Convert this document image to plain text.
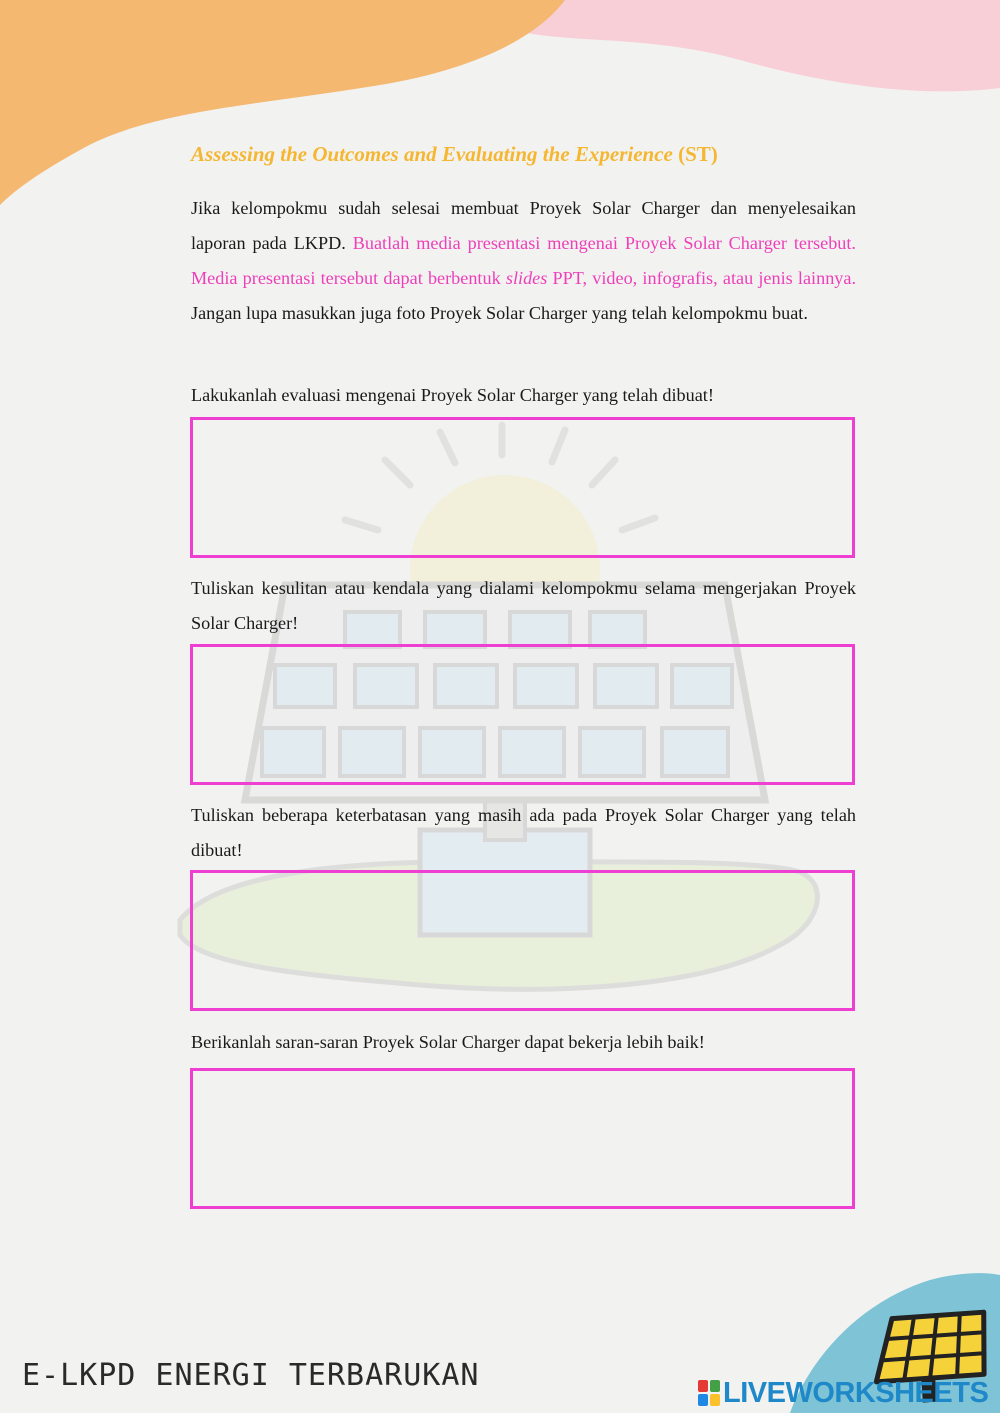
Assessing the Outcomes and Evaluating the Experience (ST)

Jika kelompokmu sudah selesai membuat Proyek Solar Charger dan menyelesaikan laporan pada LKPD. Buatlah media presentasi mengenai Proyek Solar Charger tersebut. Media presentasi tersebut dapat berbentuk slides PPT, video, infografis, atau jenis lainnya. Jangan lupa masukkan juga foto Proyek Solar Charger yang telah kelompokmu buat.

Lakukanlah evaluasi mengenai Proyek Solar Charger yang telah dibuat!

Tuliskan kesulitan atau kendala yang dialami kelompokmu selama mengerjakan Proyek Solar Charger!

Tuliskan beberapa keterbatasan yang masih ada pada Proyek Solar Charger yang telah dibuat!

Berikanlah saran-saran Proyek Solar Charger dapat bekerja lebih baik!

E-LKPD ENERGI TERBARUKAN	LIVEWORKSHEETS
